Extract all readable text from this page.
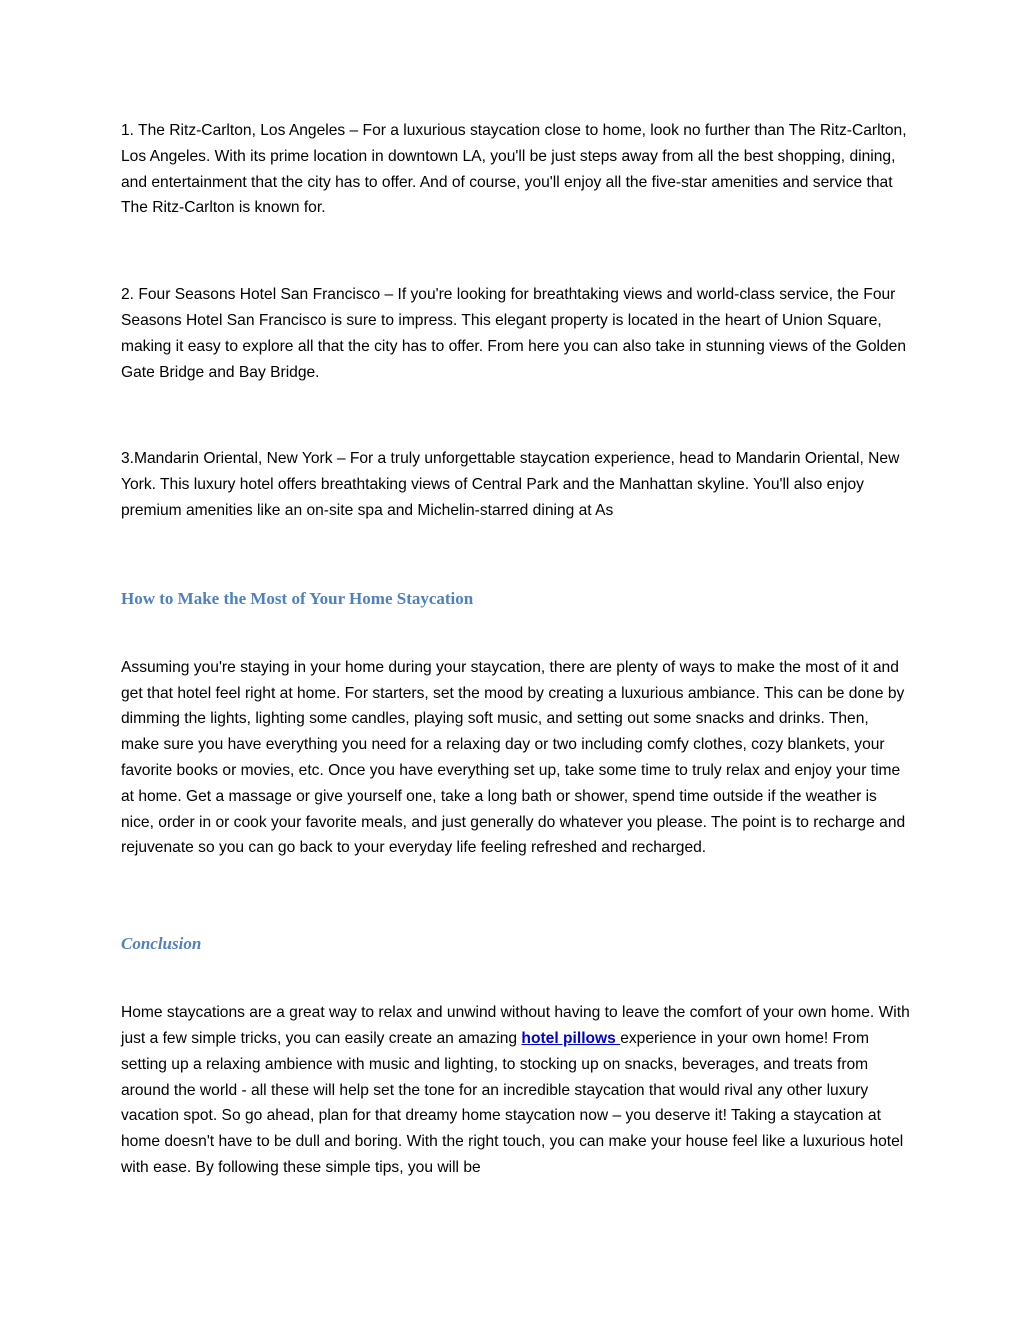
1. The Ritz-Carlton, Los Angeles – For a luxurious staycation close to home, look no further than The Ritz-Carlton, Los Angeles. With its prime location in downtown LA, you'll be just steps away from all the best shopping, dining, and entertainment that the city has to offer. And of course, you'll enjoy all the five-star amenities and service that The Ritz-Carlton is known for.

2. Four Seasons Hotel San Francisco – If you're looking for breathtaking views and world-class service, the Four Seasons Hotel San Francisco is sure to impress. This elegant property is located in the heart of Union Square, making it easy to explore all that the city has to offer. From here you can also take in stunning views of the Golden Gate Bridge and Bay Bridge.

3.Mandarin Oriental, New York – For a truly unforgettable staycation experience, head to Mandarin Oriental, New York. This luxury hotel offers breathtaking views of Central Park and the Manhattan skyline. You'll also enjoy premium amenities like an on-site spa and Michelin-starred dining at As

How to Make the Most of Your Home Staycation

Assuming you're staying in your home during your staycation, there are plenty of ways to make the most of it and get that hotel feel right at home. For starters, set the mood by creating a luxurious ambiance. This can be done by dimming the lights, lighting some candles, playing soft music, and setting out some snacks and drinks. Then, make sure you have everything you need for a relaxing day or two including comfy clothes, cozy blankets, your favorite books or movies, etc. Once you have everything set up, take some time to truly relax and enjoy your time at home. Get a massage or give yourself one, take a long bath or shower, spend time outside if the weather is nice, order in or cook your favorite meals, and just generally do whatever you please. The point is to recharge and rejuvenate so you can go back to your everyday life feeling refreshed and recharged.

Conclusion

Home staycations are a great way to relax and unwind without having to leave the comfort of your own home. With just a few simple tricks, you can easily create an amazing hotel pillows experience in your own home! From setting up a relaxing ambience with music and lighting, to stocking up on snacks, beverages, and treats from around the world - all these will help set the tone for an incredible staycation that would rival any other luxury vacation spot. So go ahead, plan for that dreamy home staycation now – you deserve it! Taking a staycation at home doesn't have to be dull and boring. With the right touch, you can make your house feel like a luxurious hotel with ease. By following these simple tips, you will be
